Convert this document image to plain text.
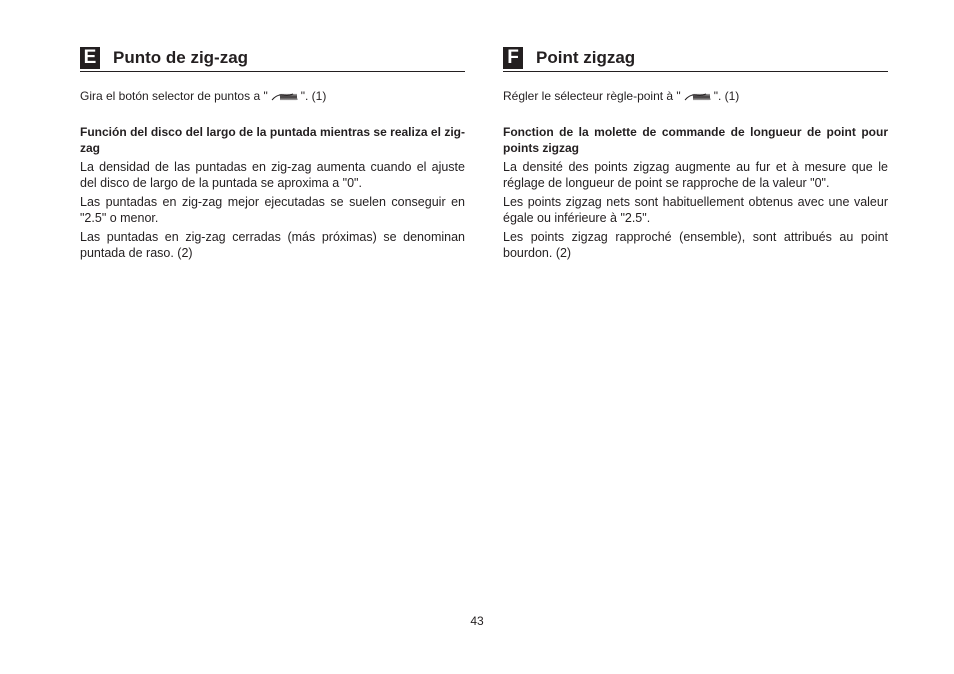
E Punto de zig-zag
Gira el botón selector de puntos a "	". (1)
Función del disco del largo de la puntada mientras se realiza el zig-zag
La densidad de las puntadas en zig-zag aumenta cuando el ajuste del disco de largo de la puntada se aproxima a "0".
Las puntadas en zig-zag mejor ejecutadas se suelen conseguir en "2.5" o menor.
Las puntadas en zig-zag cerradas (más próximas) se denominan puntada de raso. (2)
F Point zigzag
Régler le sélecteur règle-point à "	". (1)
Fonction de la molette de commande de longueur de point pour points zigzag
La densité des points zigzag augmente au fur et à mesure que le réglage de longueur de point se rapproche de la valeur "0".
Les points zigzag nets sont habituellement obtenus avec une valeur égale ou inférieure à "2.5".
Les points zigzag rapproché (ensemble), sont attribués au point bourdon. (2)
43
